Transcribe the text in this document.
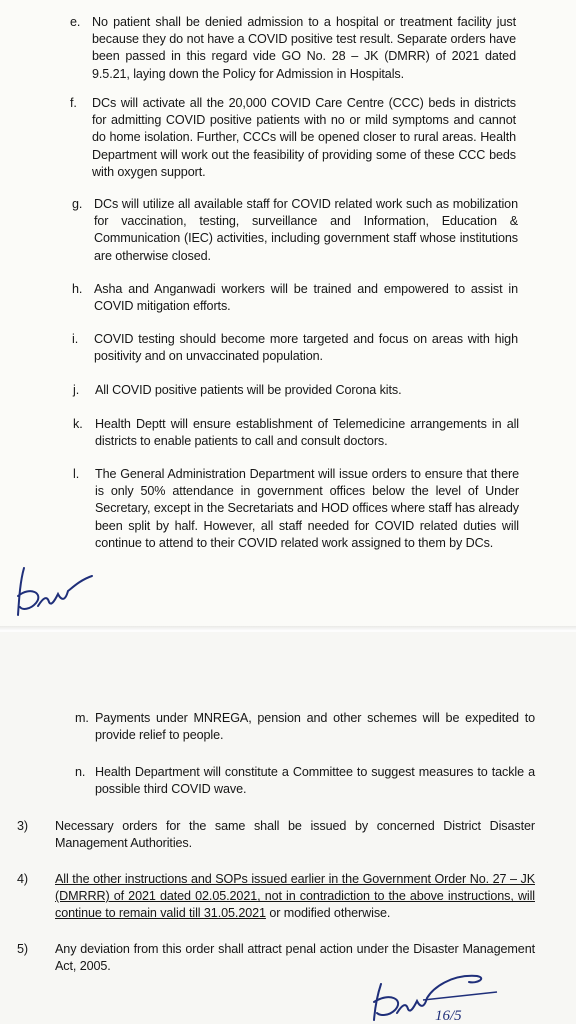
e. No patient shall be denied admission to a hospital or treatment facility just because they do not have a COVID positive test result. Separate orders have been passed in this regard vide GO No. 28 – JK (DMRR) of 2021 dated 9.5.21, laying down the Policy for Admission in Hospitals.
f. DCs will activate all the 20,000 COVID Care Centre (CCC) beds in districts for admitting COVID positive patients with no or mild symptoms and cannot do home isolation. Further, CCCs will be opened closer to rural areas. Health Department will work out the feasibility of providing some of these CCC beds with oxygen support.
g. DCs will utilize all available staff for COVID related work such as mobilization for vaccination, testing, surveillance and Information, Education & Communication (IEC) activities, including government staff whose institutions are otherwise closed.
h. Asha and Anganwadi workers will be trained and empowered to assist in COVID mitigation efforts.
i. COVID testing should become more targeted and focus on areas with high positivity and on unvaccinated population.
j. All COVID positive patients will be provided Corona kits.
k. Health Deptt will ensure establishment of Telemedicine arrangements in all districts to enable patients to call and consult doctors.
l. The General Administration Department will issue orders to ensure that there is only 50% attendance in government offices below the level of Under Secretary, except in the Secretariats and HOD offices where staff has already been split by half. However, all staff needed for COVID related duties will continue to attend to their COVID related work assigned to them by DCs.
m. Payments under MNREGA, pension and other schemes will be expedited to provide relief to people.
n. Health Department will constitute a Committee to suggest measures to tackle a possible third COVID wave.
3) Necessary orders for the same shall be issued by concerned District Disaster Management Authorities.
4) All the other instructions and SOPs issued earlier in the Government Order No. 27 – JK (DMRRR) of 2021 dated 02.05.2021, not in contradiction to the above instructions, will continue to remain valid till 31.05.2021 or modified otherwise.
5) Any deviation from this order shall attract penal action under the Disaster Management Act, 2005.
16/5
